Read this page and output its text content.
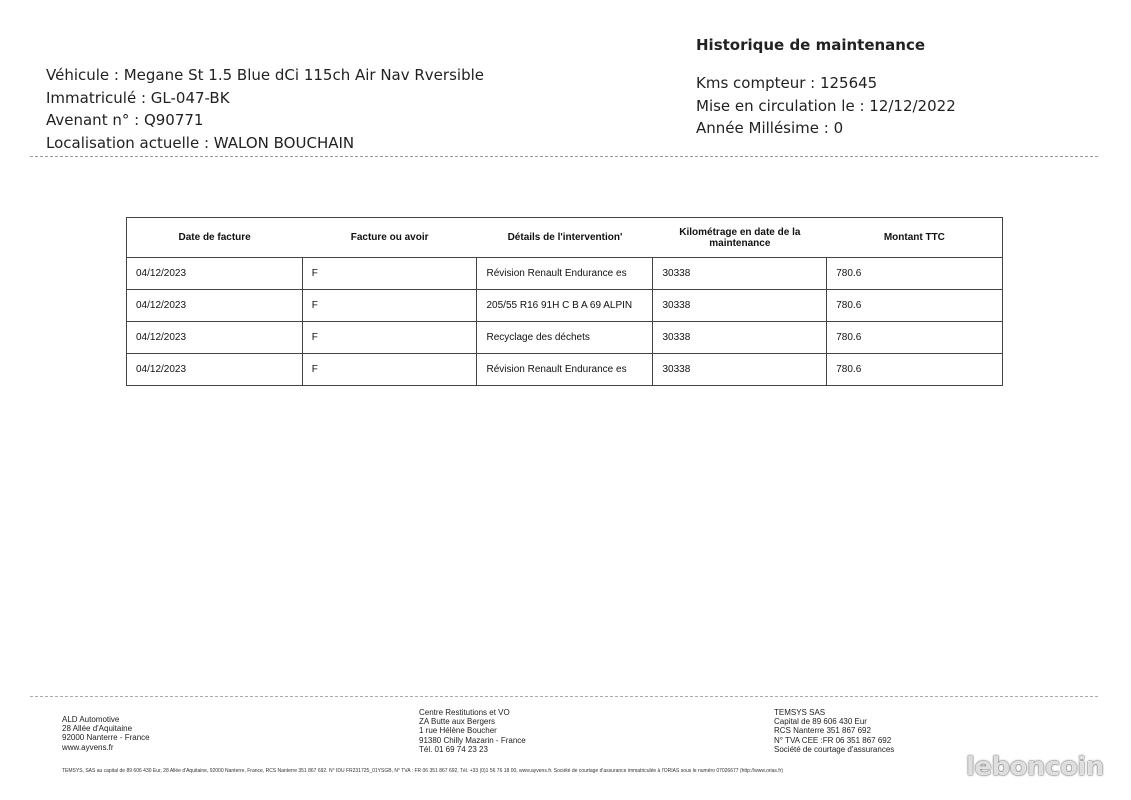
Véhicule : Megane St 1.5 Blue dCi 115ch Air Nav Rversible
Immatriculé : GL-047-BK
Avenant n° : Q90771
Localisation actuelle : WALON BOUCHAIN
Historique de maintenance
Kms compteur : 125645
Mise en circulation le : 12/12/2022
Année Millésime : 0
Date de facture	Facture ou avoir	Détails de l'intervention'	Kilométrage en date de la maintenance	Montant TTC
04/12/2023	F	Révision Renault Endurance es	30338	780.6
04/12/2023	F	205/55 R16 91H C B A 69 ALPIN	30338	780.6
04/12/2023	F	Recyclage des déchets	30338	780.6
04/12/2023	F	Révision Renault Endurance es	30338	780.6
ALD Automotive
28 Allée d'Aquitaine
92000 Nanterre - France
www.ayvens.fr
Centre Restitutions et VO
ZA Butte aux Bergers
1 rue Hélène Boucher
91380 Chilly Mazarin - France
Tél. 01 69 74 23 23
TEMSYS SAS
Capital de 89 606 430 Eur
RCS Nanterre 351 867 692
N° TVA CEE :FR 06 351 867 692
Société de courtage d'assurances
TEMSYS, SAS au capital de 89 606 430 Eur, 28 Allée d'Aquitaine, 92000 Nanterre, France, RCS Nanterre 351 867 692. N° IDU FR231725_01YSGB, N° TVA : FR 06 351 867 692, Tél. +33 (0)1 56 76 18 00, www.ayvens.fr. Société de courtage d'assurance immatriculée à l'ORIAS sous le numéro 07026677 (http://www.orias.fr)	leboncoin
